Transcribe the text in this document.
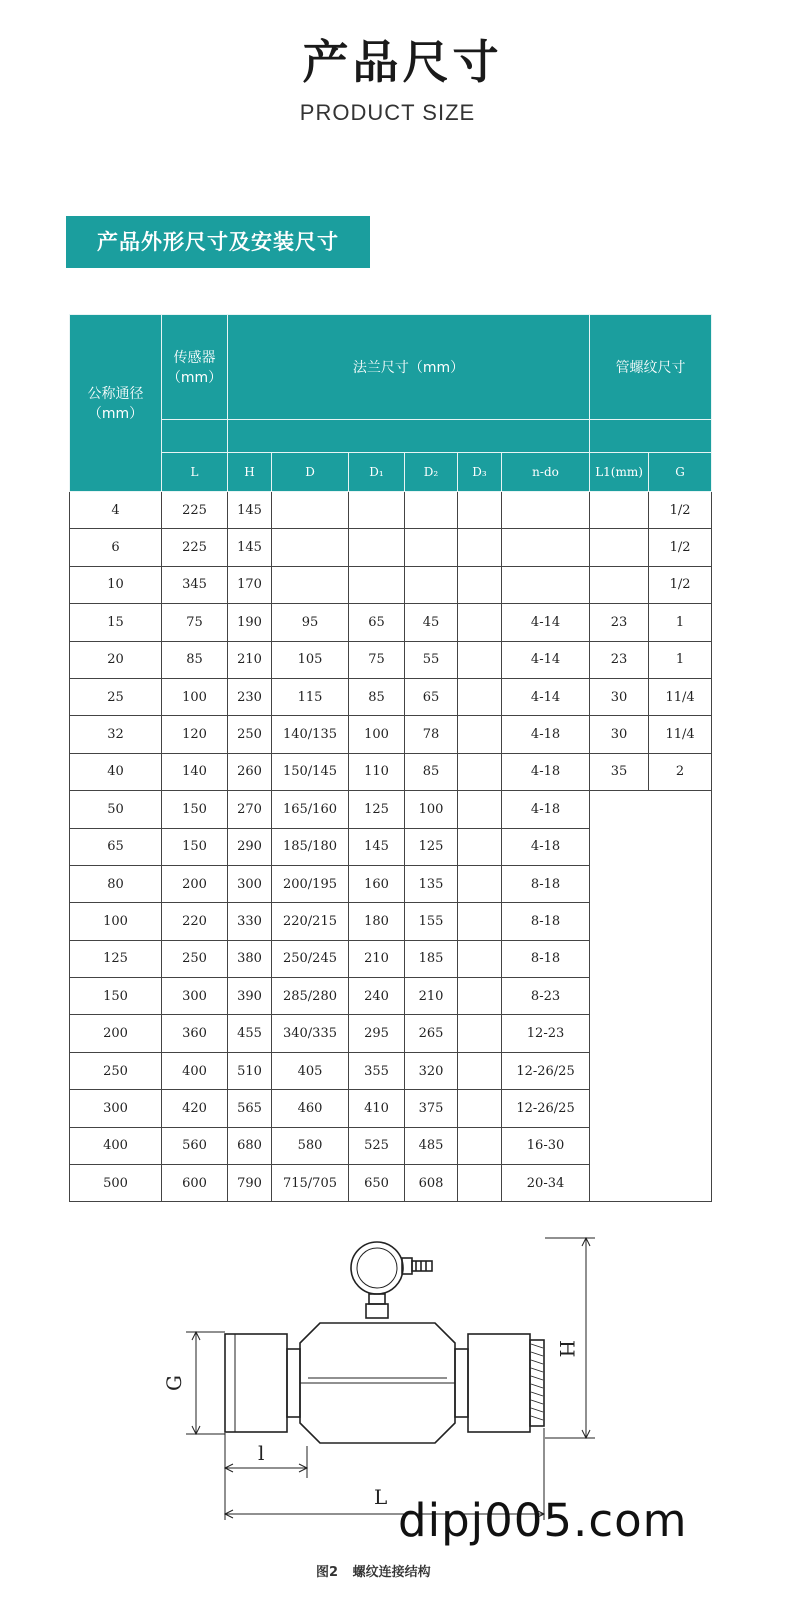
产品尺寸
PRODUCT SIZE
产品外形尺寸及安装尺寸
公称通径（mm）	传感器（mm）	法兰尺寸（mm）						管螺纹尺寸	

	L	H	D	D₁	D₂	D₃	n-do	L1(mm)	G
4	225	145							1/2
6	225	145							1/2
10	345	170							1/2
15	75	190	95	65	45		4-14	23	1
20	85	210	105	75	55		4-14	23	1
25	100	230	115	85	65		4-14	30	11/4
32	120	250	140/135	100	78		4-18	30	11/4
40	140	260	150/145	110	85		4-18	35	2
50	150	270	165/160	125	100		4-18		
65	150	290	185/180	145	125		4-18		
80	200	300	200/195	160	135		8-18		
100	220	330	220/215	180	155		8-18		
125	250	380	250/245	210	185		8-18		
150	300	390	285/280	240	210		8-23		
200	360	455	340/335	295	265		12-23		
250	400	510	405	355	320		12-26/25		
300	420	565	460	410	375		12-26/25		
400	560	680	580	525	485		16-30		
500	600	790	715/705	650	608		20-34		
G
H
l
L
图2 螺纹连接结构
dipj005.com
